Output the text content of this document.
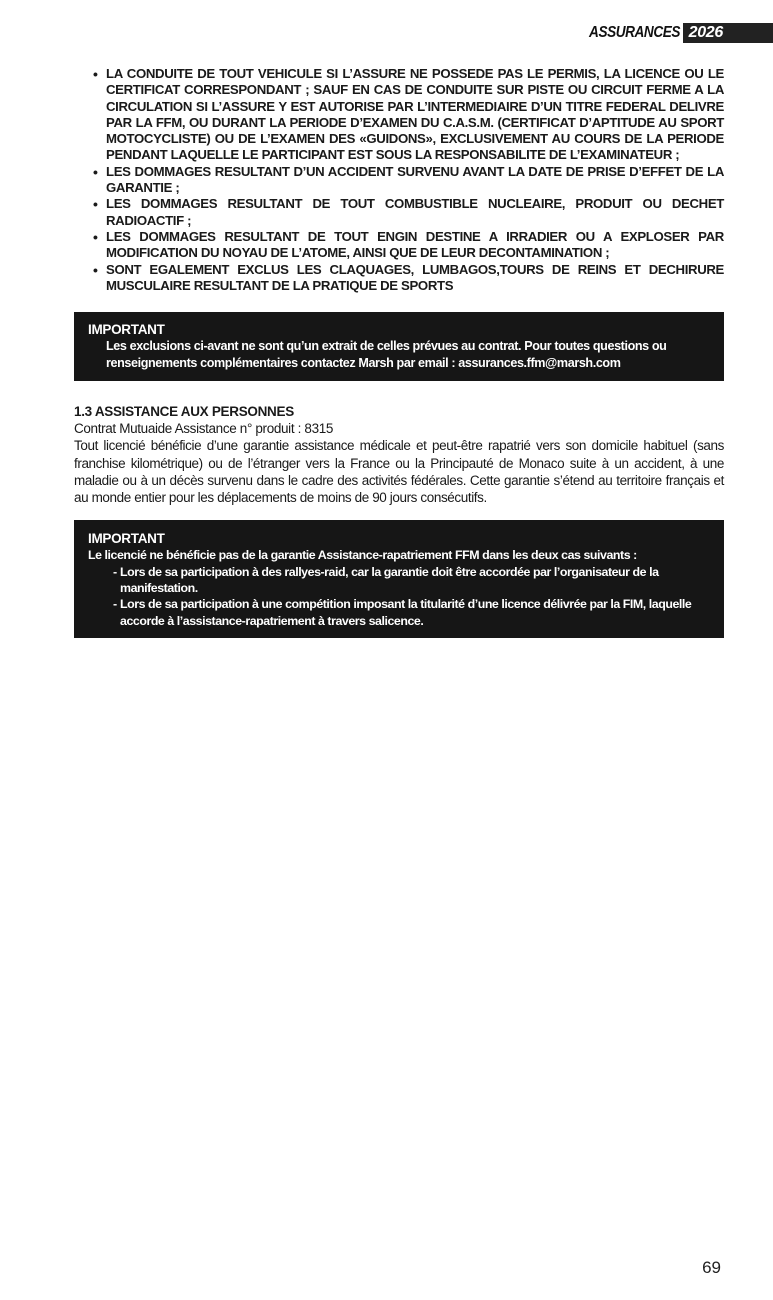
ASSURANCES 2026
• LA CONDUITE DE TOUT VEHICULE SI L’ASSURE NE POSSEDE PAS LE PERMIS, LA LICENCE OU LE CERTIFICAT CORRESPONDANT ; SAUF EN CAS DE CONDUITE SUR PISTE OU CIRCUIT FERME A LA CIRCULATION SI L’ASSURE Y EST AUTORISE PAR L’INTERMEDIAIRE D’UN TITRE FEDERAL DELIVRE PAR LA FFM, OU DURANT LA PERIODE D’EXAMEN DU C.A.S.M. (CERTIFICAT D’APTITUDE AU SPORT MOTOCYCLISTE) OU DE L’EXAMEN DES «GUIDONS», EXCLUSIVEMENT AU COURS DE LA PERIODE PENDANT LAQUELLE LE PARTICIPANT EST SOUS LA RESPONSABILITE DE L’EXAMINATEUR ;
• LES DOMMAGES RESULTANT D’UN ACCIDENT SURVENU AVANT LA DATE DE PRISE D’EFFET DE LA GARANTIE ;
• LES DOMMAGES RESULTANT DE TOUT COMBUSTIBLE NUCLEAIRE, PRODUIT OU DECHET RADIOACTIF ;
• LES DOMMAGES RESULTANT DE TOUT ENGIN DESTINE A IRRADIER OU A EXPLOSER PAR MODIFICATION DU NOYAU DE L’ATOME, AINSI QUE DE LEUR DECONTAMINATION ;
• SONT EGALEMENT EXCLUS LES CLAQUAGES, LUMBAGOS,TOURS DE REINS ET DECHIRURE MUSCULAIRE RESULTANT DE LA PRATIQUE DE SPORTS
IMPORTANT
Les exclusions ci-avant ne sont qu’un extrait de celles prévues au contrat. Pour toutes questions ou renseignements complémentaires contactez Marsh par email : assurances.ffm@marsh.com
1.3 ASSISTANCE AUX PERSONNES
Contrat Mutuaide Assistance n° produit : 8315
Tout licencié bénéficie d’une garantie assistance médicale et peut-être rapatrié vers son domicile habituel (sans franchise kilométrique) ou de l’étranger vers la France ou la Principauté de Monaco suite à un accident, à une maladie ou à un décès survenu dans le cadre des activités fédérales. Cette garantie s’étend au territoire français et au monde entier pour les déplacements de moins de 90 jours consécutifs.
IMPORTANT
Le licencié ne bénéficie pas de la garantie Assistance-rapatriement FFM dans les deux cas suivants :
- Lors de sa participation à des rallyes-raid, car la garantie doit être accordée par l’organisateur de la manifestation.
- Lors de sa participation à une compétition imposant la titularité d’une licence délivrée par la FIM, laquelle accorde à l’assistance-rapatriement à travers salicence.
69
